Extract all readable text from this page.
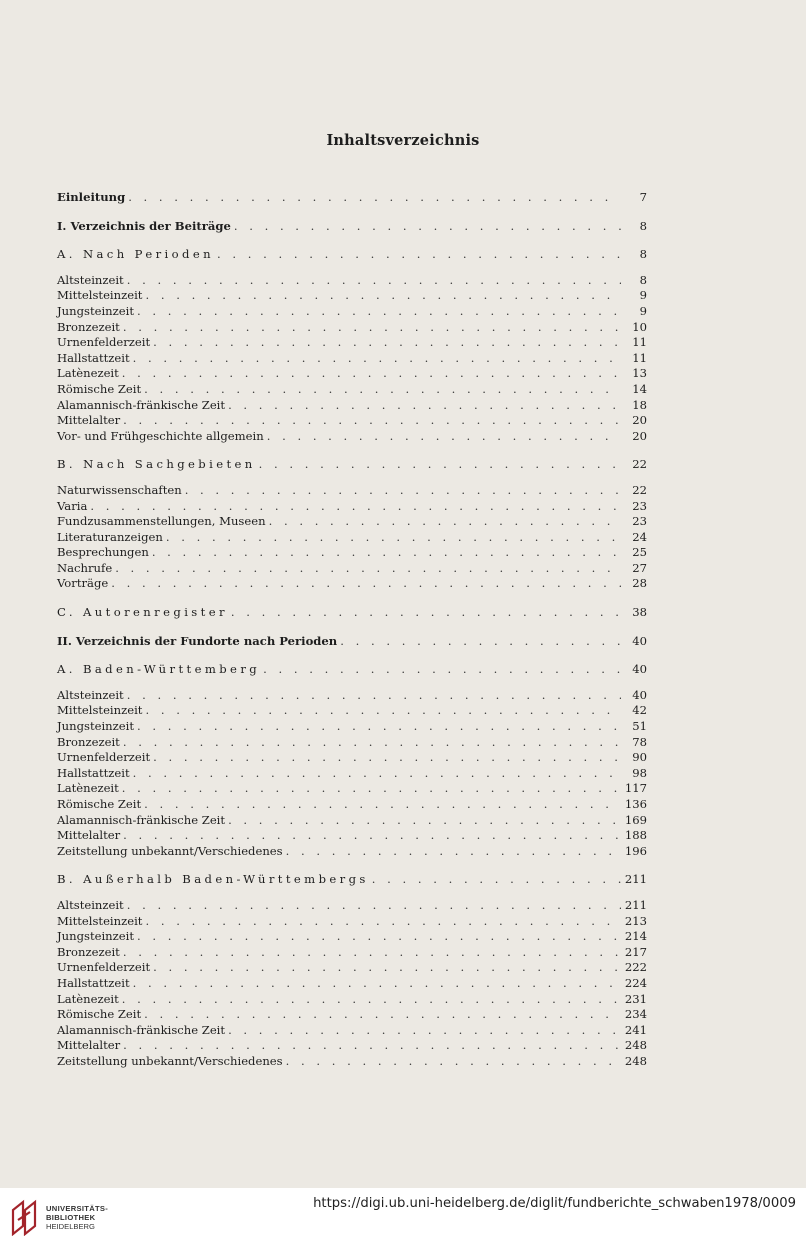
Inhaltsverzeichnis
Einleitung . . .	7
I. Verzeichnis der Beiträge . . .	8
A. Nach Perioden . . .	8
Altsteinzeit . . .	8
Mittelsteinzeit . . .	9
Jungsteinzeit . . .	9
Bronzezeit . . .	10
Urnenfelderzeit . . .	11
Hallstattzeit . . .	11
Latènezeit . . .	13
Römische Zeit . . .	14
Alamannisch-fränkische Zeit . . .	18
Mittelalter . . .	20
Vor- und Frühgeschichte allgemein . . .	20
B. Nach Sachgebieten . . .	22
Naturwissenschaften . . .	22
Varia . . .	23
Fundzusammenstellungen, Museen . . .	23
Literaturanzeigen . . .	24
Besprechungen . . .	25
Nachrufe . . .	27
Vorträge . . .	28
C. Autorenregister . . .	38
II. Verzeichnis der Fundorte nach Perioden . . .	40
A. Baden-Württemberg . . .	40
Altsteinzeit . . .	40
Mittelsteinzeit . . .	42
Jungsteinzeit . . .	51
Bronzezeit . . .	78
Urnenfelderzeit . . .	90
Hallstattzeit . . .	98
Latènezeit . . .	117
Römische Zeit . . .	136
Alamannisch-fränkische Zeit . . .	169
Mittelalter . . .	188
Zeitstellung unbekannt/Verschiedenes . . .	196
B. Außerhalb Baden-Württembergs . . .	211
Altsteinzeit . . .	211
Mittelsteinzeit . . .	213
Jungsteinzeit . . .	214
Bronzezeit . . .	217
Urnenfelderzeit . . .	222
Hallstattzeit . . .	224
Latènezeit . . .	231
Römische Zeit . . .	234
Alamannisch-fränkische Zeit . . .	241
Mittelalter . . .	248
Zeitstellung unbekannt/Verschiedenes . . .	248
UNIVERSITÄTS-
BIBLIOTHEK
HEIDELBERG
https://digi.ub.uni-heidelberg.de/diglit/fundberichte_schwaben1978/0009
